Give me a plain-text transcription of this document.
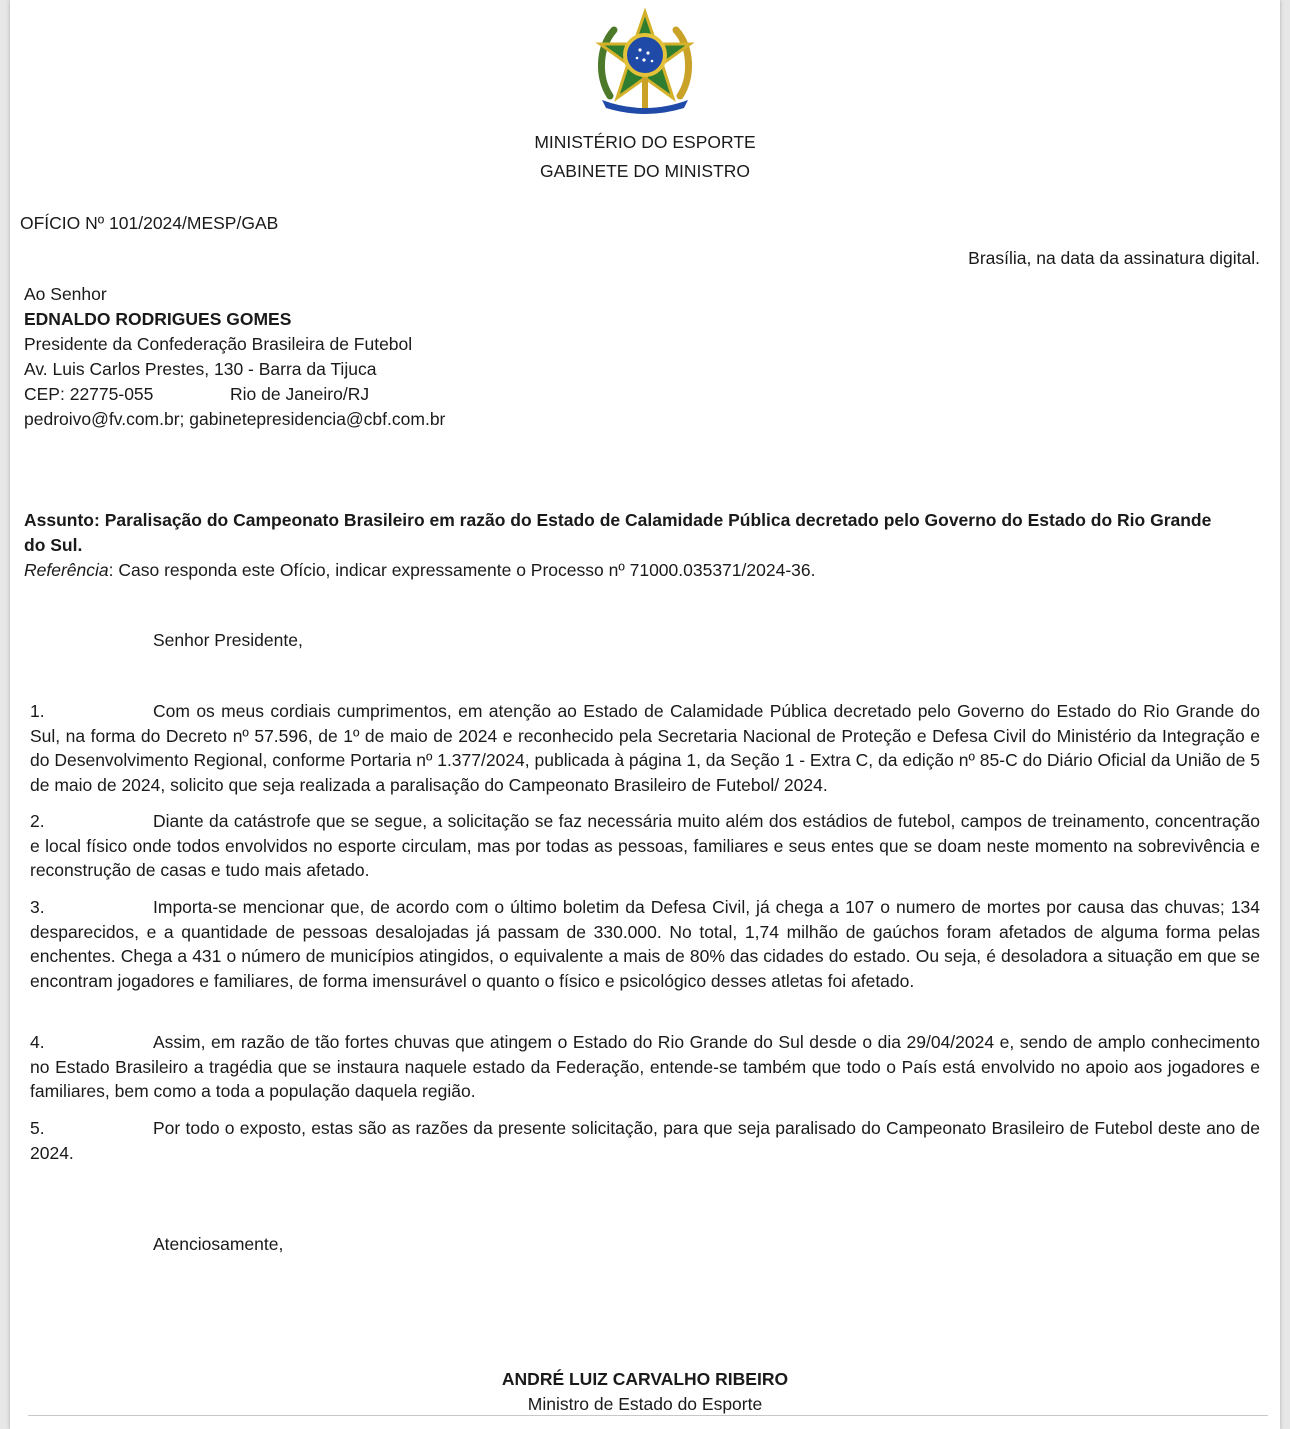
MINISTÉRIO DO ESPORTE
GABINETE DO MINISTRO
OFÍCIO Nº 101/2024/MESP/GAB
Brasília, na data da assinatura digital.
Ao Senhor
EDNALDO RODRIGUES GOMES
Presidente da Confederação Brasileira de Futebol
Av. Luis Carlos Prestes, 130 - Barra da Tijuca
CEP: 22775-055	Rio de Janeiro/RJ
pedroivo@fv.com.br; gabinetepresidencia@cbf.com.br
Assunto: Paralisação do Campeonato Brasileiro em razão do Estado de Calamidade Pública decretado pelo Governo do Estado do Rio Grande
do Sul.
Referência: Caso responda este Ofício, indicar expressamente o Processo nº 71000.035371/2024-36.
Senhor Presidente,
1.	Com os meus cordiais cumprimentos, em atenção ao Estado de Calamidade Pública decretado pelo Governo do Estado do Rio Grande do Sul, na forma do Decreto nº 57.596, de 1º de maio de 2024 e reconhecido pela Secretaria Nacional de Proteção e Defesa Civil do Ministério da Integração e do Desenvolvimento Regional, conforme Portaria nº 1.377/2024, publicada à página 1, da Seção 1 - Extra C, da edição nº 85-C do Diário Oficial da União de 5 de maio de 2024, solicito que seja realizada a paralisação do Campeonato Brasileiro de Futebol/ 2024.
2.	Diante da catástrofe que se segue, a solicitação se faz necessária muito além dos estádios de futebol, campos de treinamento, concentração e local físico onde todos envolvidos no esporte circulam, mas por todas as pessoas, familiares e seus entes que se doam neste momento na sobrevivência e reconstrução de casas e tudo mais afetado.
3.	Importa-se mencionar que, de acordo com o último boletim da Defesa Civil, já chega a 107 o numero de mortes por causa das chuvas; 134 desparecidos, e a quantidade de pessoas desalojadas já passam de 330.000. No total, 1,74 milhão de gaúchos foram afetados de alguma forma pelas enchentes. Chega a 431 o número de municípios atingidos, o equivalente a mais de 80% das cidades do estado. Ou seja, é desoladora a situação em que se encontram jogadores e familiares, de forma imensurável o quanto o físico e psicológico desses atletas foi afetado.
4.	Assim, em razão de tão fortes chuvas que atingem o Estado do Rio Grande do Sul desde o dia 29/04/2024 e, sendo de amplo conhecimento no Estado Brasileiro a tragédia que se instaura naquele estado da Federação, entende-se também que todo o País está envolvido no apoio aos jogadores e familiares, bem como a toda a população daquela região.
5.	Por todo o exposto, estas são as razões da presente solicitação, para que seja paralisado do Campeonato Brasileiro de Futebol deste ano de 2024.
Atenciosamente,
ANDRÉ LUIZ CARVALHO RIBEIRO
Ministro de Estado do Esporte
